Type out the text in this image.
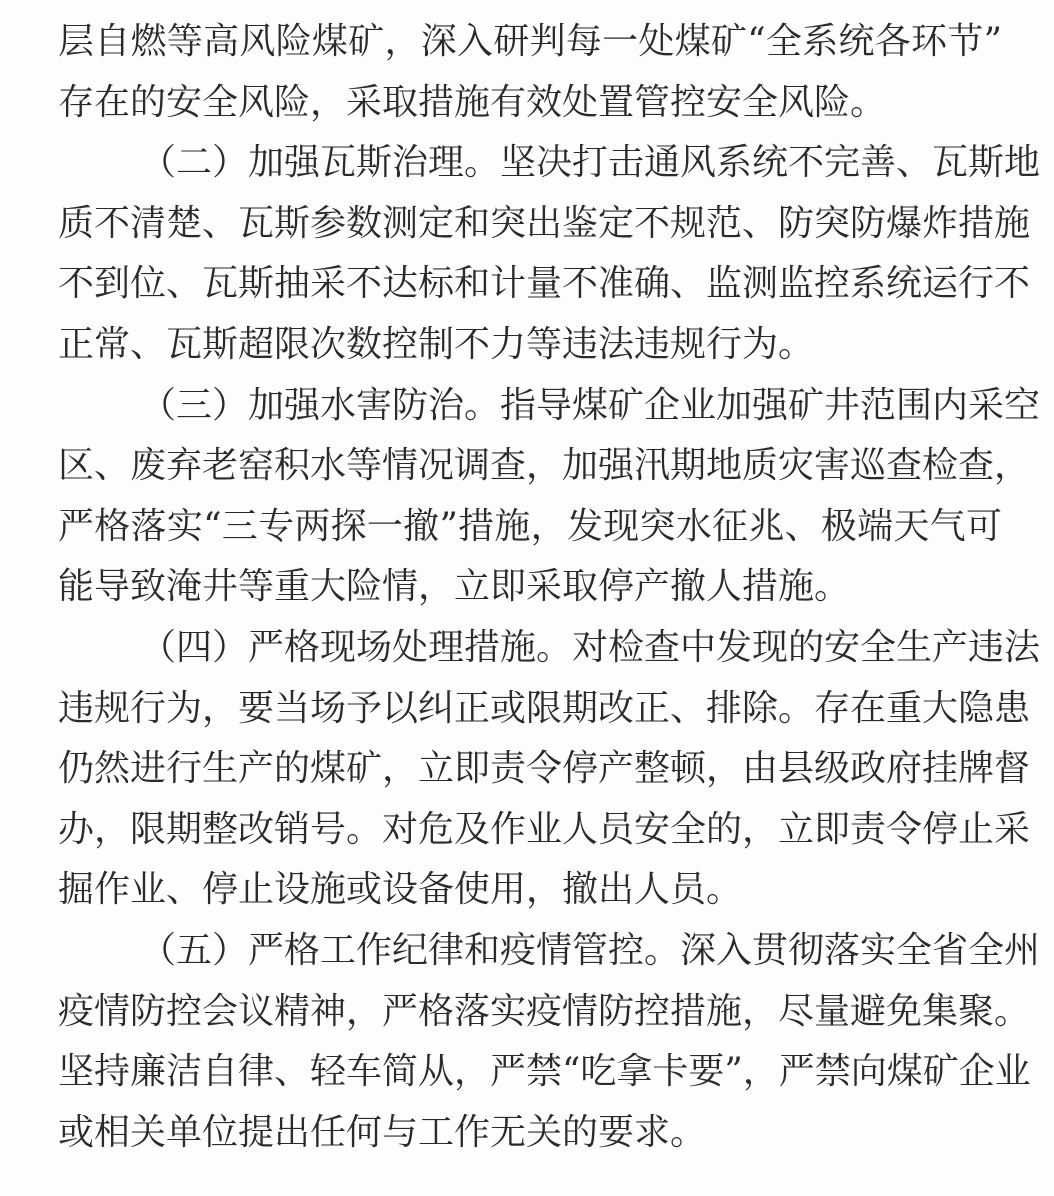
层自燃等高风险煤矿，深入研判每一处煤矿“全系统各环节”
存在的安全风险，采取措施有效处置管控安全风险。
（二）加强瓦斯治理。坚决打击通风系统不完善、瓦斯地
质不清楚、瓦斯参数测定和突出鉴定不规范、防突防爆炸措施
不到位、瓦斯抽采不达标和计量不准确、监测监控系统运行不
正常、瓦斯超限次数控制不力等违法违规行为。
（三）加强水害防治。指导煤矿企业加强矿井范围内采空
区、废弃老窑积水等情况调查，加强汛期地质灾害巡查检查，
严格落实“三专两探一撤”措施，发现突水征兆、极端天气可
能导致淹井等重大险情，立即采取停产撤人措施。
（四）严格现场处理措施。对检查中发现的安全生产违法
违规行为，要当场予以纠正或限期改正、排除。存在重大隐患
仍然进行生产的煤矿，立即责令停产整顿，由县级政府挂牌督
办，限期整改销号。对危及作业人员安全的，立即责令停止采
掘作业、停止设施或设备使用，撤出人员。
（五）严格工作纪律和疫情管控。深入贯彻落实全省全州
疫情防控会议精神，严格落实疫情防控措施，尽量避免集聚。
坚持廉洁自律、轻车简从，严禁“吃拿卡要”，严禁向煤矿企业
或相关单位提出任何与工作无关的要求。
